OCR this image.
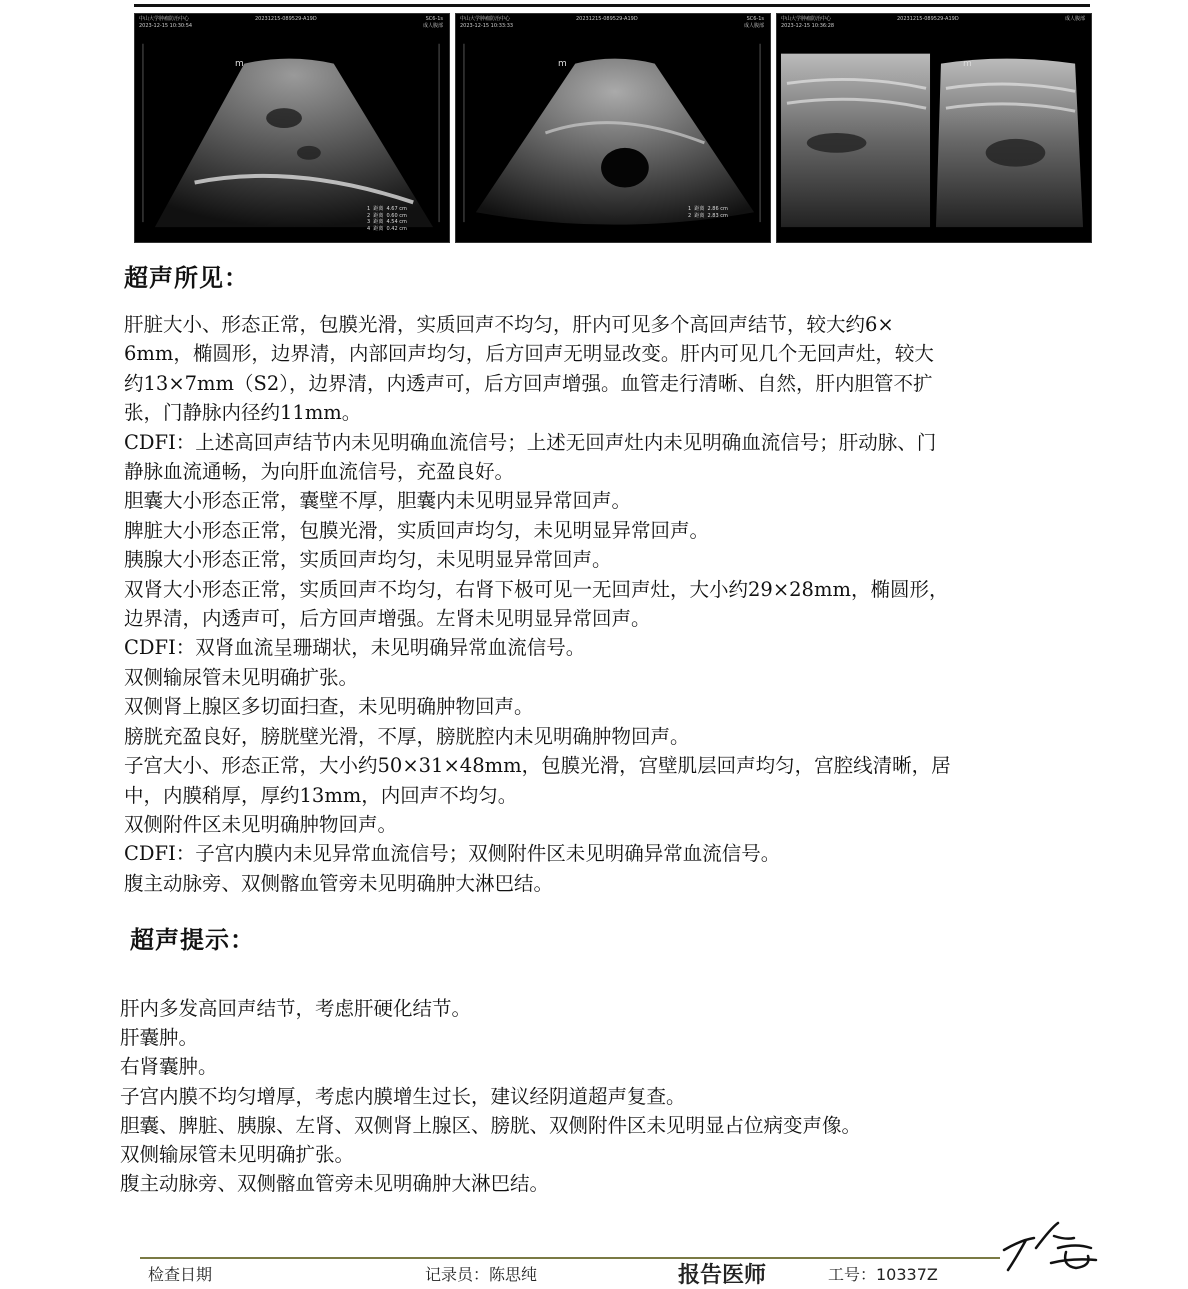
中山大学肿瘤防治中心
2023-12-15 10:30:54
20231215-089529-A19D	SC6-1s
成人腹部
m
1  距离  4.67 cm
2  距离  0.60 cm
3  距离  4.54 cm
4  距离  0.42 cm
中山大学肿瘤防治中心
2023-12-15 10:33:33
20231215-089529-A19D	SC6-1s
成人腹部
m
1  距离  2.86 cm
2  距离  2.83 cm
中山大学肿瘤防治中心
2023-12-15 10:36:28
20231215-089529-A19D	成人腹部
m
超声所见：

肝脏大小、形态正常，包膜光滑，实质回声不均匀，肝内可见多个高回声结节，较大约6×

6mm，椭圆形，边界清，内部回声均匀，后方回声无明显改变。肝内可见几个无回声灶，较大

约13×7mm（S2），边界清，内透声可，后方回声增强。血管走行清晰、自然，肝内胆管不扩

张，门静脉内径约11mm。

CDFI：上述高回声结节内未见明确血流信号；上述无回声灶内未见明确血流信号；肝动脉、门

静脉血流通畅，为向肝血流信号，充盈良好。

胆囊大小形态正常，囊壁不厚，胆囊内未见明显异常回声。

脾脏大小形态正常，包膜光滑，实质回声均匀，未见明显异常回声。

胰腺大小形态正常，实质回声均匀，未见明显异常回声。

双肾大小形态正常，实质回声不均匀，右肾下极可见一无回声灶，大小约29×28mm，椭圆形，

边界清，内透声可，后方回声增强。左肾未见明显异常回声。

CDFI：双肾血流呈珊瑚状，未见明确异常血流信号。

双侧输尿管未见明确扩张。

双侧肾上腺区多切面扫查，未见明确肿物回声。

膀胱充盈良好，膀胱壁光滑，不厚，膀胱腔内未见明确肿物回声。

子宫大小、形态正常，大小约50×31×48mm，包膜光滑，宫壁肌层回声均匀，宫腔线清晰，居

中，内膜稍厚，厚约13mm，内回声不均匀。

双侧附件区未见明确肿物回声。

CDFI：子宫内膜内未见异常血流信号；双侧附件区未见明确异常血流信号。

腹主动脉旁、双侧髂血管旁未见明确肿大淋巴结。

超声提示：

肝内多发高回声结节，考虑肝硬化结节。

肝囊肿。

右肾囊肿。

子宫内膜不均匀增厚，考虑内膜增生过长，建议经阴道超声复查。

胆囊、脾脏、胰腺、左肾、双侧肾上腺区、膀胱、双侧附件区未见明显占位病变声像。

双侧输尿管未见明确扩张。

腹主动脉旁、双侧髂血管旁未见明确肿大淋巴结。

检查日期	记录员：陈思纯	报告医师	工号：10337Z
